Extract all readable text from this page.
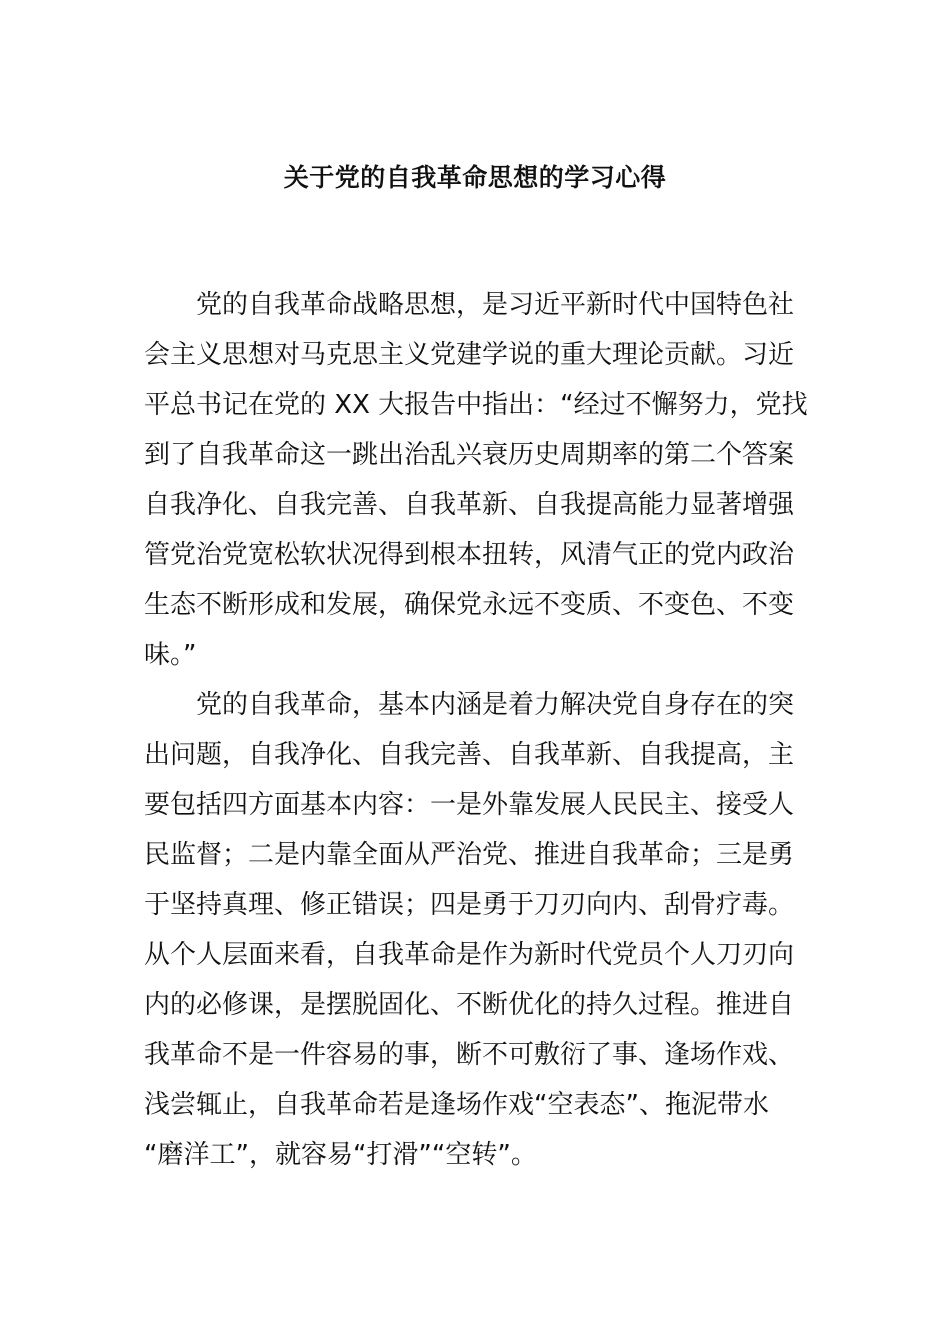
关于党的自我革命思想的学习心得
党的自我革命战略思想，是习近平新时代中国特色社
会主义思想对马克思主义党建学说的重大理论贡献。习近
平总书记在党的 XX 大报告中指出：“经过不懈努力，党找
到了自我革命这一跳出治乱兴衰历史周期率的第二个答案
自我净化、自我完善、自我革新、自我提高能力显著增强
管党治党宽松软状况得到根本扭转，风清气正的党内政治
生态不断形成和发展，确保党永远不变质、不变色、不变
味。”
党的自我革命，基本内涵是着力解决党自身存在的突
出问题，自我净化、自我完善、自我革新、自我提高，主
要包括四方面基本内容：一是外靠发展人民民主、接受人
民监督；二是内靠全面从严治党、推进自我革命；三是勇
于坚持真理、修正错误；四是勇于刀刃向内、刮骨疗毒。
从个人层面来看，自我革命是作为新时代党员个人刀刃向
内的必修课，是摆脱固化、不断优化的持久过程。推进自
我革命不是一件容易的事，断不可敷衍了事、逢场作戏、
浅尝辄止，自我革命若是逢场作戏“空表态”、拖泥带水
“磨洋工”，就容易“打滑”“空转”。
